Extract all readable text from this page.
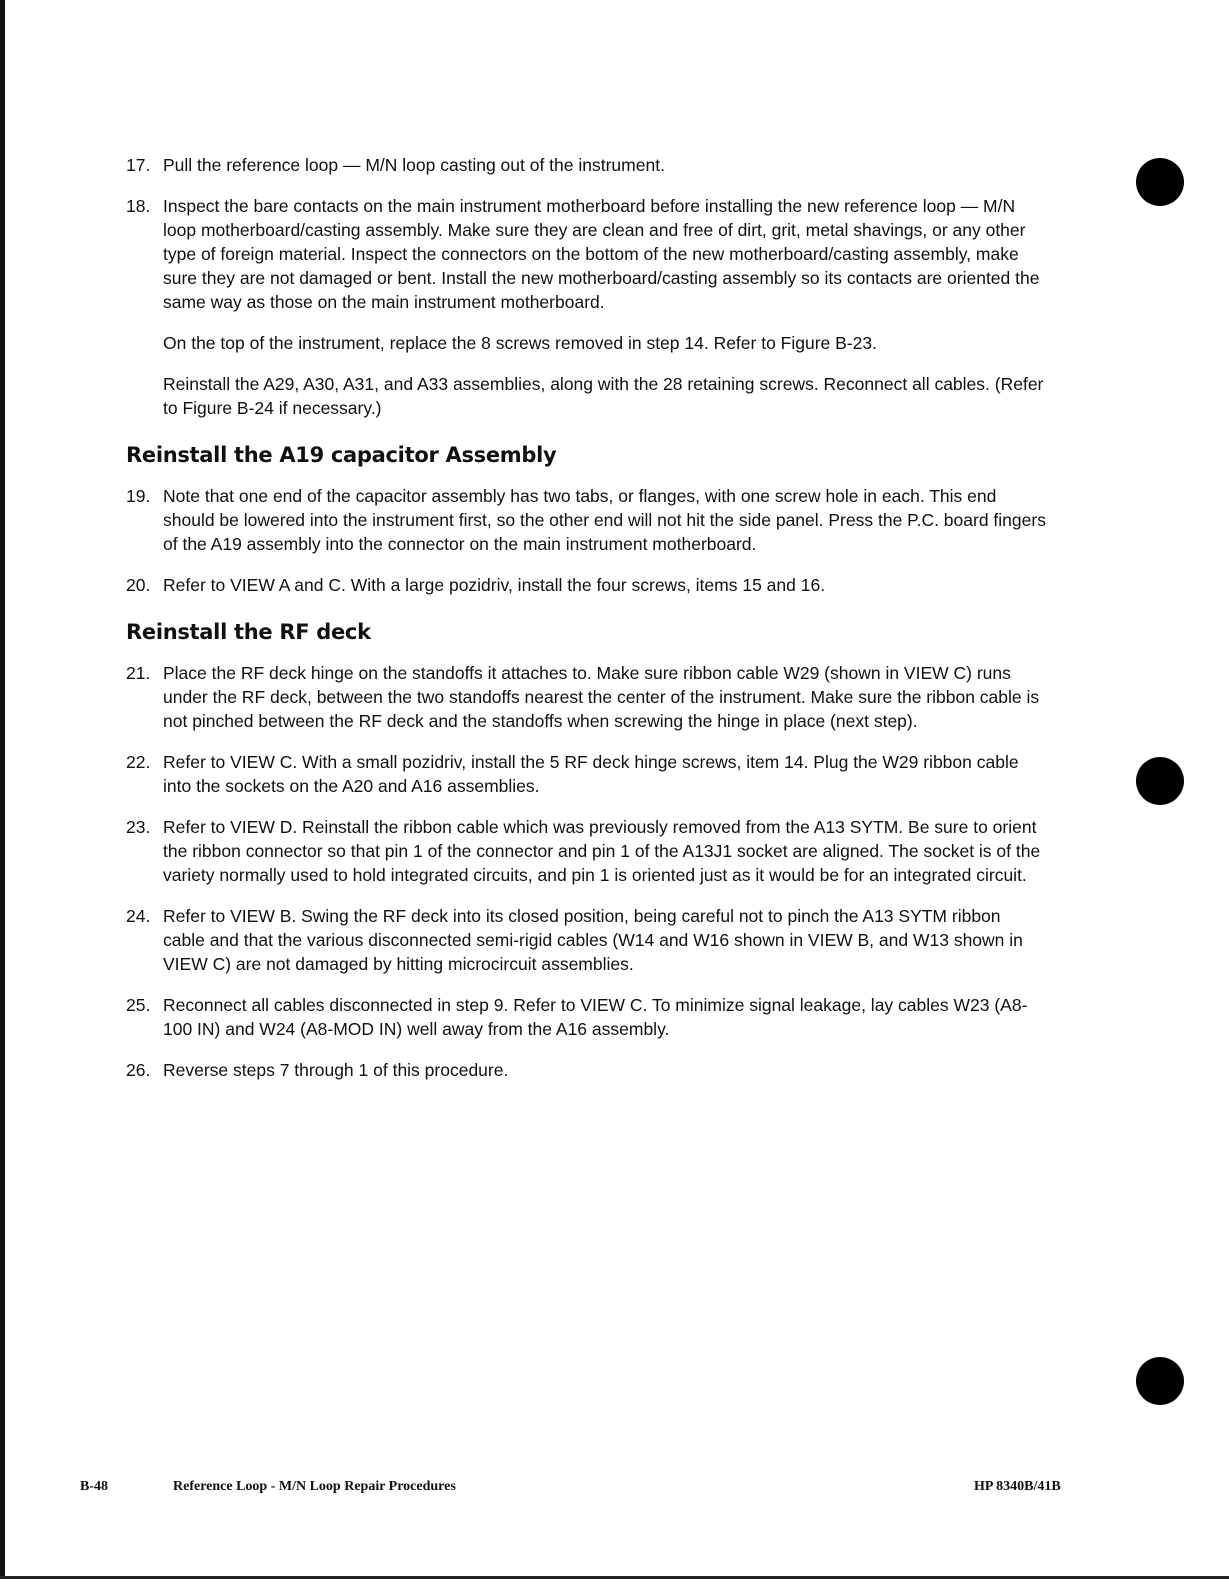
17. Pull the reference loop — M/N loop casting out of the instrument.

18. Inspect the bare contacts on the main instrument motherboard before installing the new reference loop — M/N loop motherboard/casting assembly. Make sure they are clean and free of dirt, grit, metal shavings, or any other type of foreign material. Inspect the connectors on the bottom of the new motherboard/casting assembly, make sure they are not damaged or bent. Install the new motherboard/casting assembly so its contacts are oriented the same way as those on the main instrument motherboard.

On the top of the instrument, replace the 8 screws removed in step 14. Refer to Figure B-23.

Reinstall the A29, A30, A31, and A33 assemblies, along with the 28 retaining screws. Reconnect all cables. (Refer to Figure B-24 if necessary.)

Reinstall the A19 capacitor Assembly
19. Note that one end of the capacitor assembly has two tabs, or flanges, with one screw hole in each. This end should be lowered into the instrument first, so the other end will not hit the side panel. Press the P.C. board fingers of the A19 assembly into the connector on the main instrument motherboard.

20. Refer to VIEW A and C. With a large pozidriv, install the four screws, items 15 and 16.

Reinstall the RF deck
21. Place the RF deck hinge on the standoffs it attaches to. Make sure ribbon cable W29 (shown in VIEW C) runs under the RF deck, between the two standoffs nearest the center of the instrument. Make sure the ribbon cable is not pinched between the RF deck and the standoffs when screwing the hinge in place (next step).

22. Refer to VIEW C. With a small pozidriv, install the 5 RF deck hinge screws, item 14. Plug the W29 ribbon cable into the sockets on the A20 and A16 assemblies.

23. Refer to VIEW D. Reinstall the ribbon cable which was previously removed from the A13 SYTM. Be sure to orient the ribbon connector so that pin 1 of the connector and pin 1 of the A13J1 socket are aligned. The socket is of the variety normally used to hold integrated circuits, and pin 1 is oriented just as it would be for an integrated circuit.

24. Refer to VIEW B. Swing the RF deck into its closed position, being careful not to pinch the A13 SYTM ribbon cable and that the various disconnected semi-rigid cables (W14 and W16 shown in VIEW B, and W13 shown in VIEW C) are not damaged by hitting microcircuit assemblies.

25. Reconnect all cables disconnected in step 9. Refer to VIEW C. To minimize signal leakage, lay cables W23 (A8-100 IN) and W24 (A8-MOD IN) well away from the A16 assembly.

26. Reverse steps 7 through 1 of this procedure.

B-48	Reference Loop - M/N Loop Repair Procedures	HP 8340B/41B
